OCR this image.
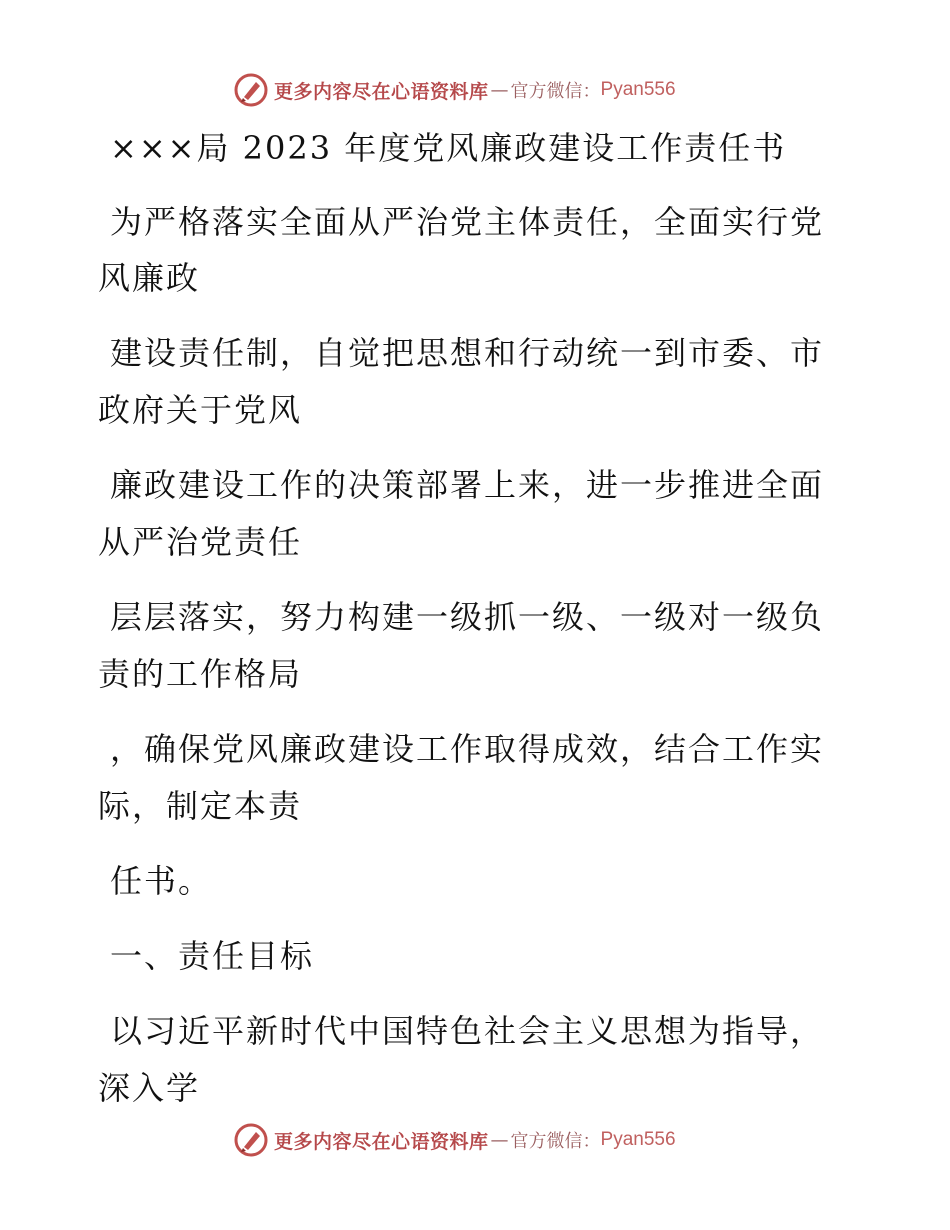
更多内容尽在心语资料库 — 官方微信： Pyan556
×××局 2023 年度党风廉政建设工作责任书
为严格落实全面从严治党主体责任，全面实行党
风廉政
建设责任制，自觉把思想和行动统一到市委、市
政府关于党风
廉政建设工作的决策部署上来，进一步推进全面
从严治党责任
层层落实，努力构建一级抓一级、一级对一级负
责的工作格局
，确保党风廉政建设工作取得成效，结合工作实
际，制定本责
任书。
一、责任目标
以习近平新时代中国特色社会主义思想为指导，
深入学
更多内容尽在心语资料库 — 官方微信： Pyan556
